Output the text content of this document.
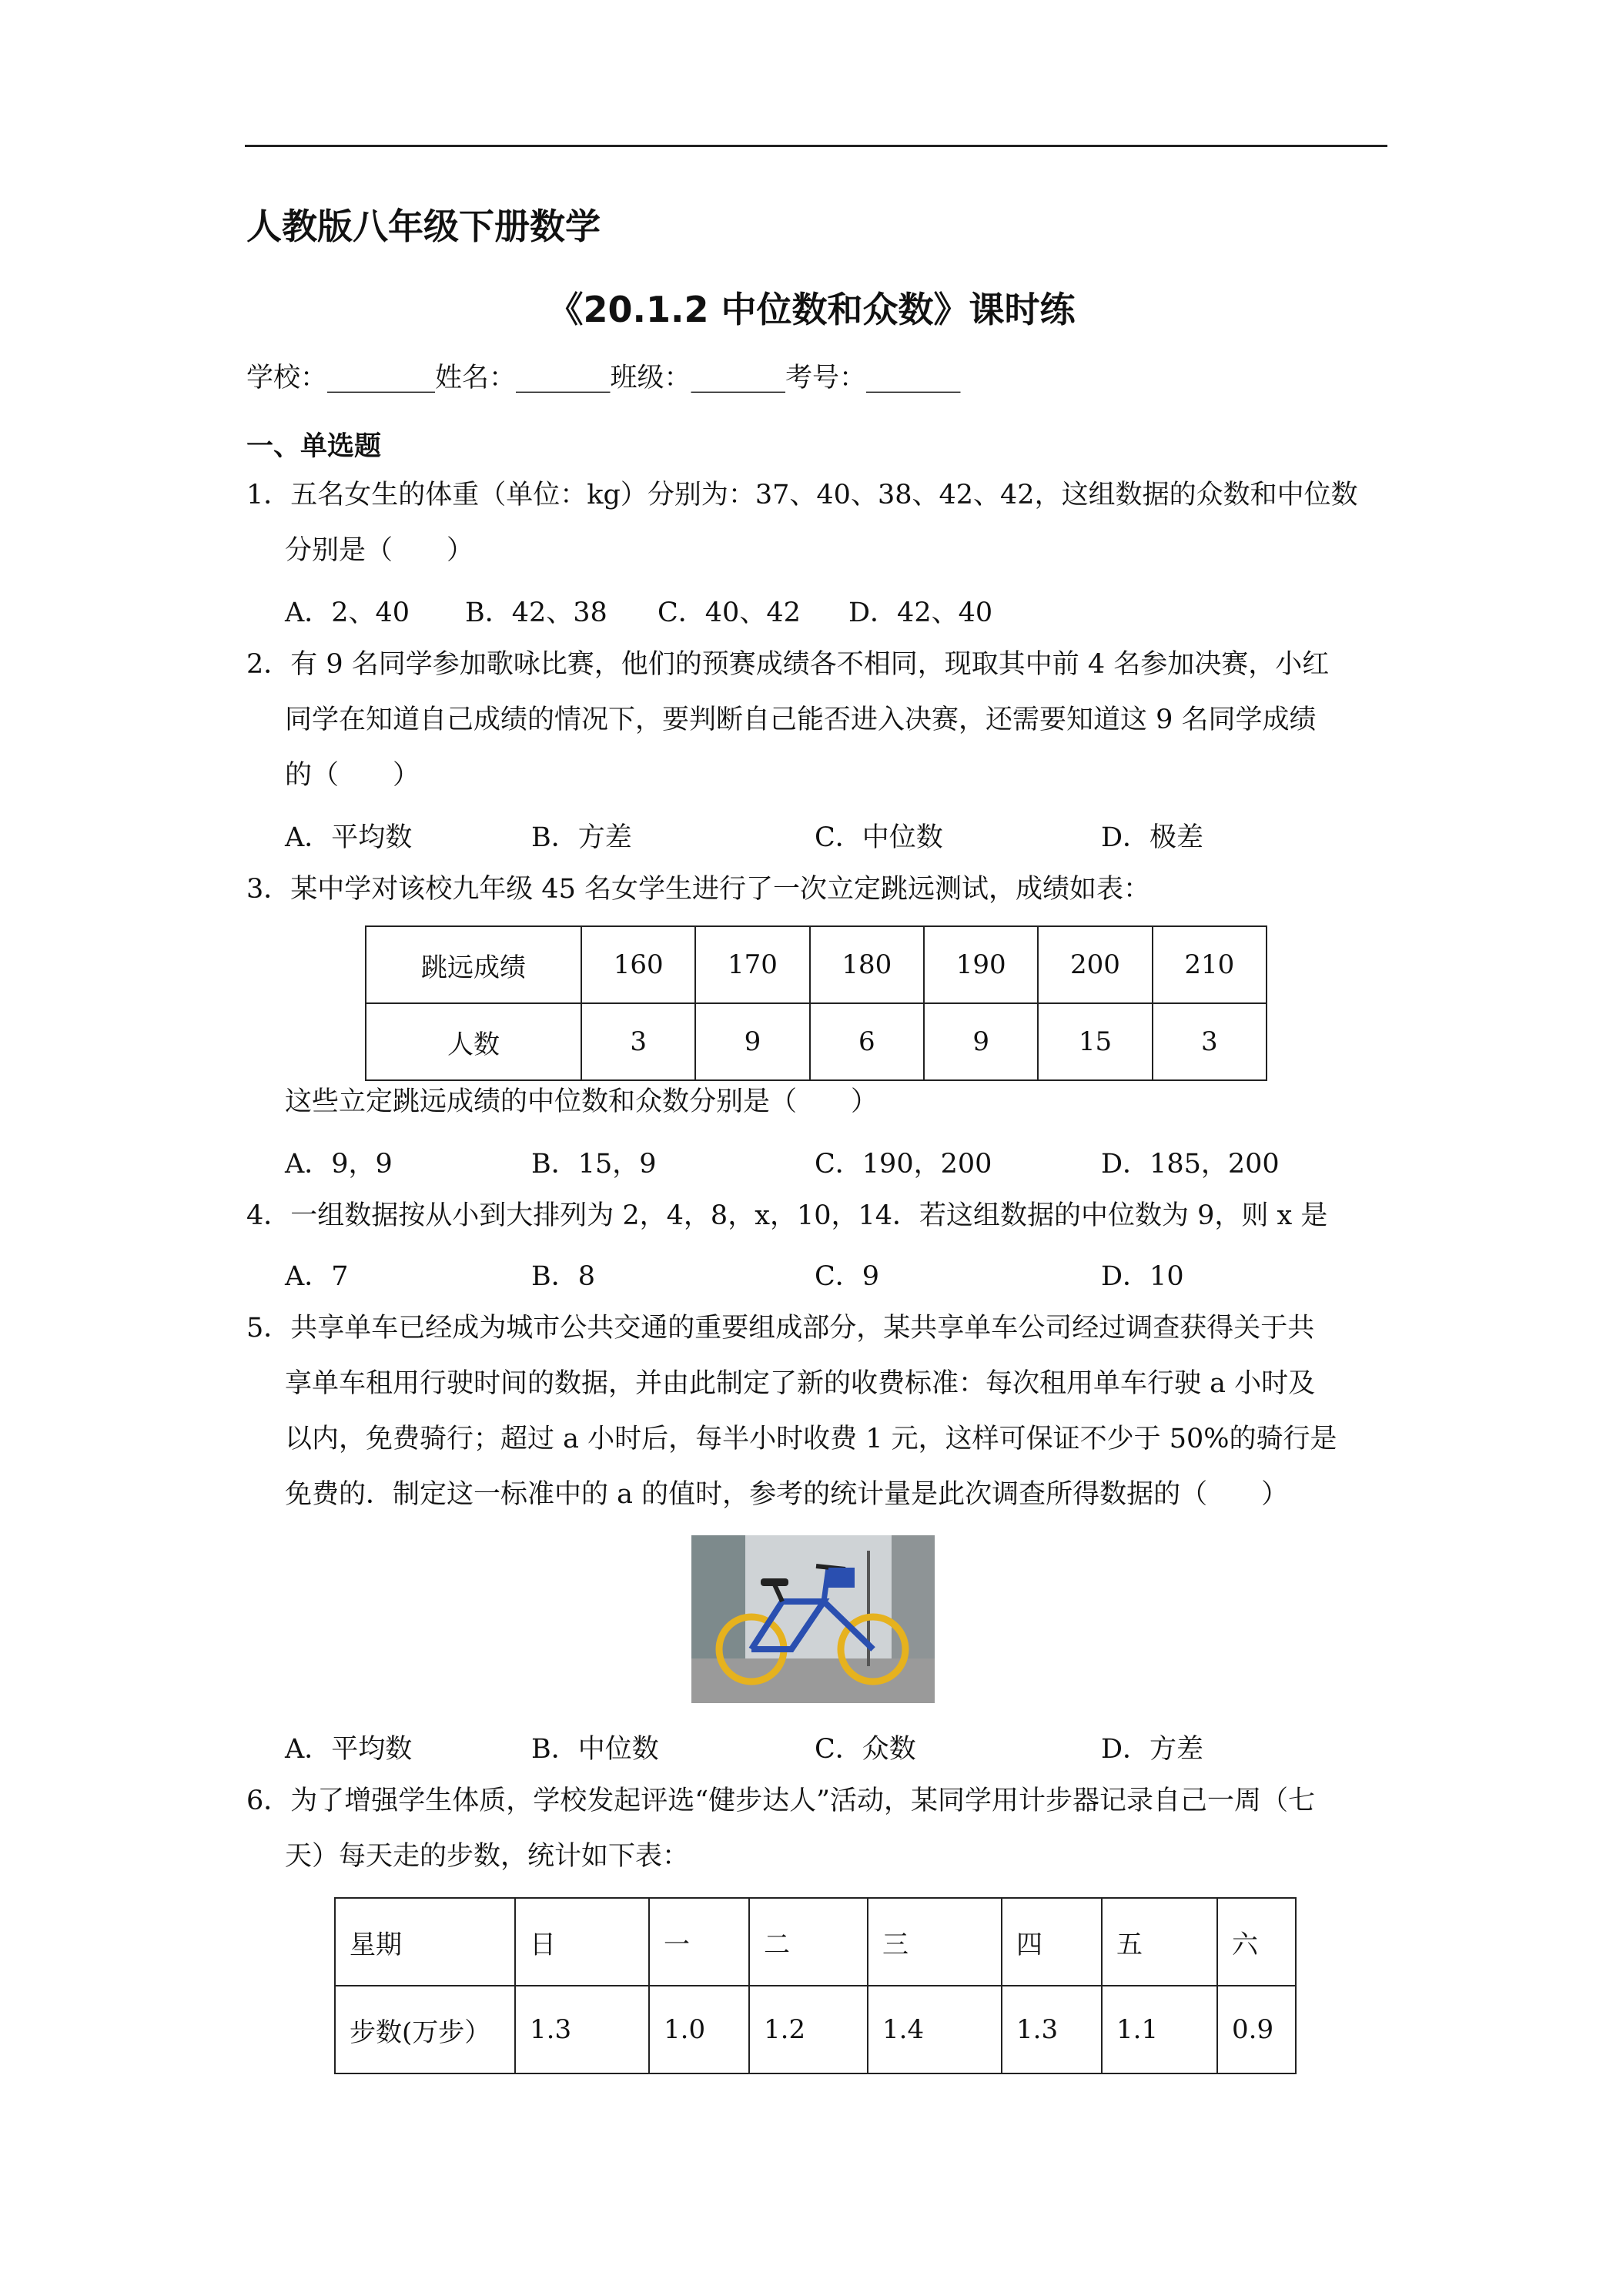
人教版八年级下册数学
《20.1.2 中位数和众数》课时练
学校：________姓名：_______班级：_______考号：_______
一、单选题
1．五名女生的体重（单位：kg）分别为：37、40、38、42、42，这组数据的众数和中位数
分别是（　　）
A．2、40 B．42、38 C．40、42 D．42、40
2．有 9 名同学参加歌咏比赛，他们的预赛成绩各不相同，现取其中前 4 名参加决赛，小红
同学在知道自己成绩的情况下，要判断自己能否进入决赛，还需要知道这 9 名同学成绩
的（　　）
A．平均数	B．方差	C．中位数	D．极差
3．某中学对该校九年级 45 名女学生进行了一次立定跳远测试，成绩如表：
跳远成绩	160	170	180	190	200	210
人数	3	9	6	9	15	3
这些立定跳远成绩的中位数和众数分别是（　　）
A．9，9	B．15，9	C．190，200	D．185，200
4．一组数据按从小到大排列为 2，4，8，x，10，14．若这组数据的中位数为 9，则 x 是
A．7	B．8	C．9	D．10
5．共享单车已经成为城市公共交通的重要组成部分，某共享单车公司经过调查获得关于共
享单车租用行驶时间的数据，并由此制定了新的收费标准：每次租用单车行驶 a 小时及
以内，免费骑行；超过 a 小时后，每半小时收费 1 元，这样可保证不少于 50%的骑行是
免费的．制定这一标准中的 a 的值时，参考的统计量是此次调查所得数据的（　　）
A．平均数	B．中位数	C．众数	D．方差
6．为了增强学生体质，学校发起评选“健步达人”活动，某同学用计步器记录自己一周（七
天）每天走的步数，统计如下表：
星期	日	一	二	三	四	五	六
步数(万步）	1.3	1.0	1.2	1.4	1.3	1.1	0.9
